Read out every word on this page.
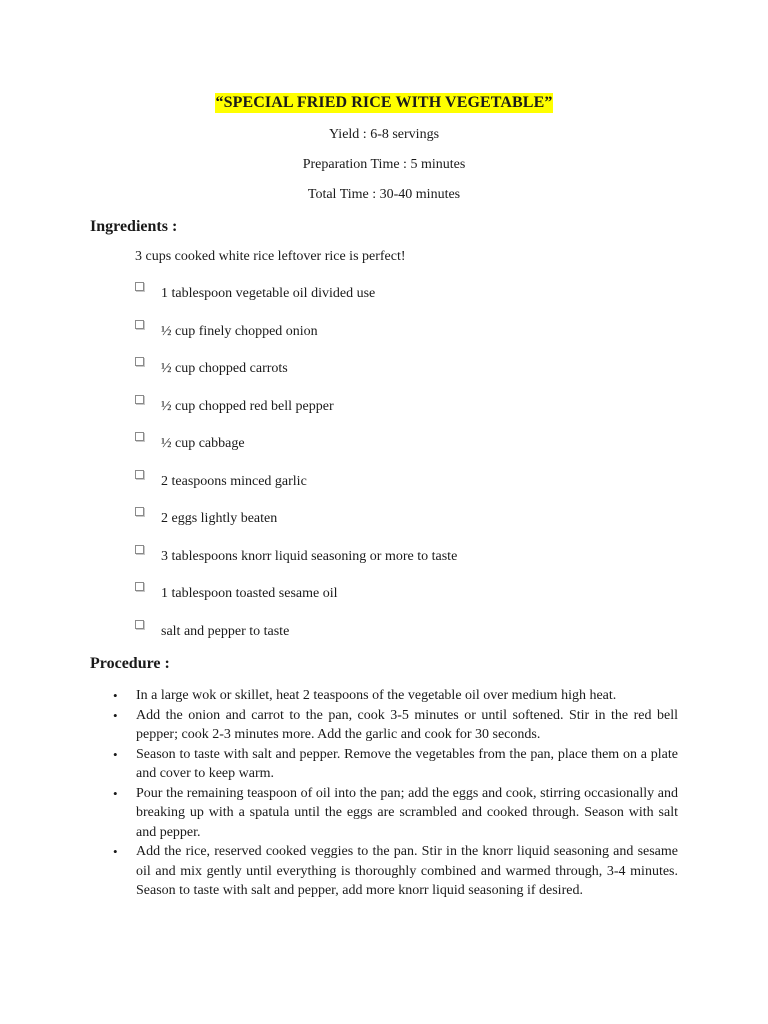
“SPECIAL FRIED RICE WITH VEGETABLE”
Yield : 6-8 servings
Preparation Time : 5 minutes
Total Time : 30-40 minutes
Ingredients :
3 cups cooked white rice leftover rice is perfect!
1 tablespoon vegetable oil divided use
½ cup finely chopped onion
½ cup chopped carrots
½ cup chopped red bell pepper
½ cup cabbage
2 teaspoons minced garlic
2 eggs lightly beaten
3 tablespoons knorr liquid seasoning or more to taste
1 tablespoon toasted sesame oil
salt and pepper to taste
Procedure :
• In a large wok or skillet, heat 2 teaspoons of the vegetable oil over medium high heat.
• Add the onion and carrot to the pan, cook 3-5 minutes or until softened. Stir in the red bell pepper; cook 2-3 minutes more. Add the garlic and cook for 30 seconds.
• Season to taste with salt and pepper. Remove the vegetables from the pan, place them on a plate and cover to keep warm.
• Pour the remaining teaspoon of oil into the pan; add the eggs and cook, stirring occasionally and breaking up with a spatula until the eggs are scrambled and cooked through. Season with salt and pepper.
• Add the rice, reserved cooked veggies to the pan. Stir in the knorr liquid seasoning and sesame oil and mix gently until everything is thoroughly combined and warmed through, 3-4 minutes. Season to taste with salt and pepper, add more knorr liquid seasoning if desired.
